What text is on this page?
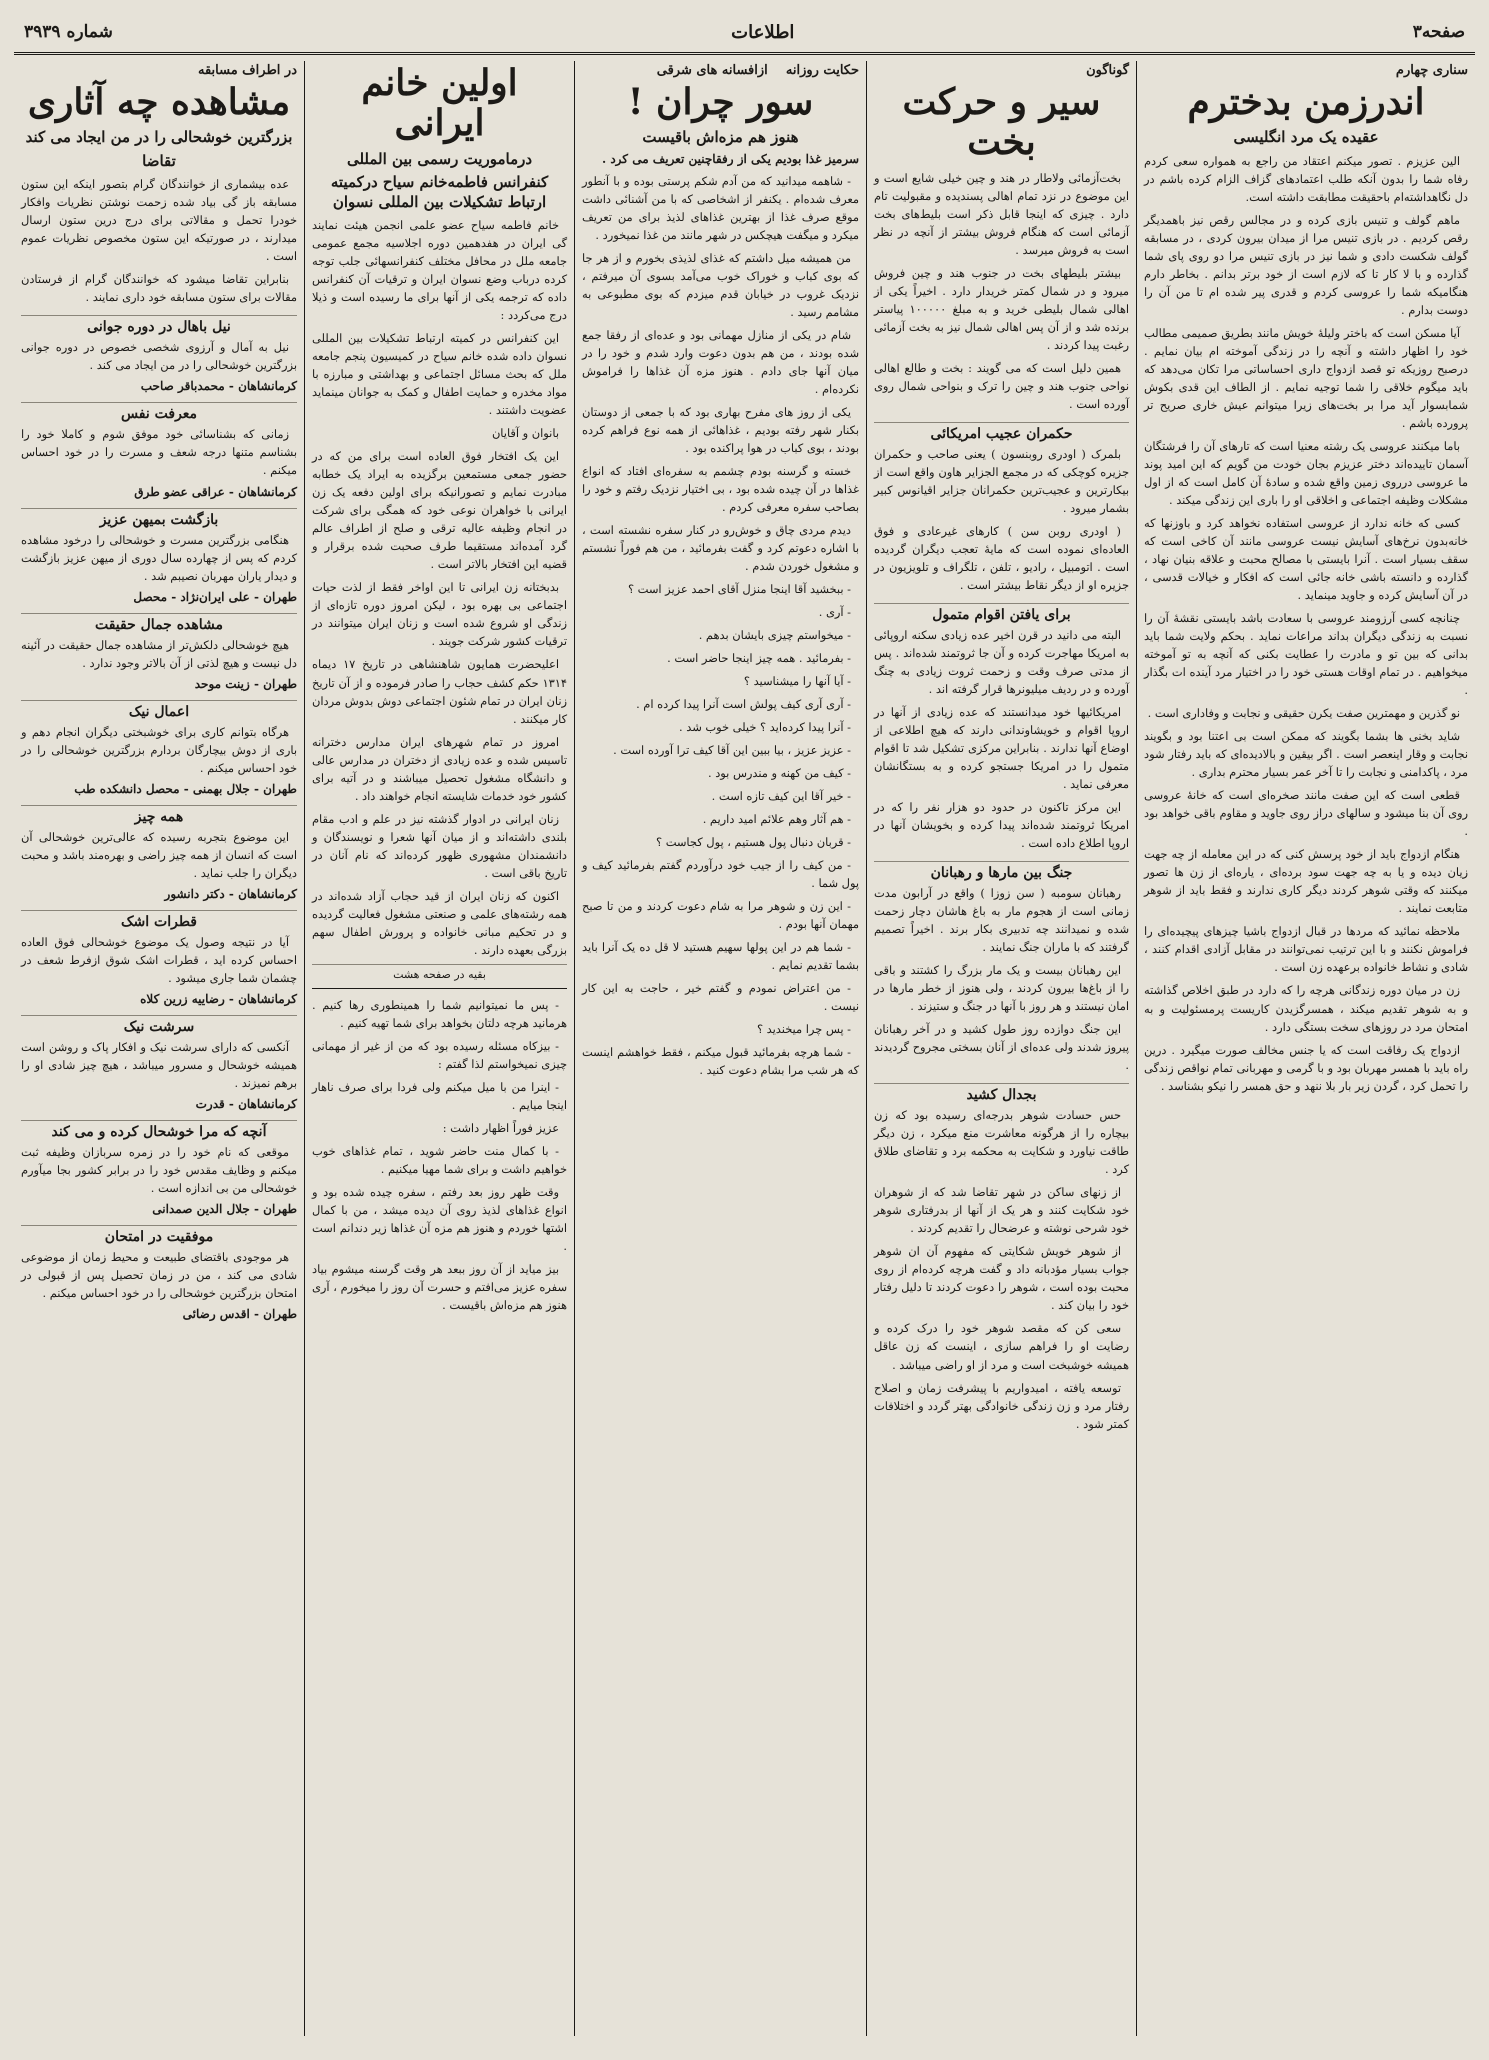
صفحه۳
اطلاعات
شماره ۳۹۳۹
سناری چهارم
اندرزمن بدخترم
عقیده یک مرد انگلیسی

الین عزیزم . تصور میکنم اعتقاد من راجع به همواره سعی کردم رفاه شما را بدون آنکه طلب اعتمادهای گزاف الزام کرده باشم در دل نگاهداشته‌ام باحقیقت مطابقت داشته است.

ماهم گولف و تنیس بازی کرده و در مجالس رقص نیز باهمدیگر رقص کردیم . در بازی تنیس مرا از میدان بیرون کردی ، در مسابقه گولف شکست دادی و شما نیز در بازی تنیس مرا دو روی پای شما گذارده و با لا کار تا که لازم است از خود برتر بدانم . بخاطر دارم هنگامیکه شما را عروسی کردم و قدری پیر شده ام تا من آن را دوست بدارم .

آیا مسکن است که باختر ولیلهٔ خویش مانند بطریق صمیمی مطالب خود را اظهار داشته و آنچه را در زندگی آموخته ام بیان نمایم . درصبح روزیکه تو قصد ازدواج داری احساساتی مرا تکان می‌دهد که باید میگوم خلاقی را شما توجیه نمایم . از الطاف این قدی بکوش شمابسوار آید مرا بر بخت‌های زیرا میتوانم عیش خاری صریح تر پرورده باشم .

باما میکنند عروسی یک رشته معنیا است که تارهای آن را فرشتگان آسمان تاییده‌اند دختر عزیزم بجان خودت من گویم که این امید پوند ما عروسی درروی زمین واقع شده و سادهٔ آن کامل است که از اول مشکلات وظیفه اجتماعی و اخلاقی او را باری این زندگی میکند .

کسی که خانه ندارد از عروسی استفاده نخواهد کرد و باوزنها که خانه‌بدون نرخ‌های آسایش نیست عروسی مانند آن کاخی است که سقف بسیار است . آنرا بایستی با مصالح محبت و علاقه بنیان نهاد ، گذارده و دانسته باشی خانه جائی است که افکار و خیالات قدسی ، در آن آسایش کرده و جاوید مینماید .

چنانچه کسی آرزومند عروسی با سعادت باشد بایستی نقشهٔ آن را نسبت به زندگی دیگران بداند مراعات نماید . بحکم ولایت شما باید بدانی که بین تو و مادرت را عطایت بکنی که آنچه به تو آموخته میخواهیم . در تمام اوقات هستی خود را در اختیار مرد آینده ات بگذار .

نو گذرین و مهمترین صفت یکرن حقیقی و نجابت و وفاداری است .

شاید بخنی ها بشما بگویند که ممکن است بی اعتنا بود و بگویند نجابت و وقار اینعصر است . اگر بیقین و بالادیده‌ای که باید رفتار شود مرد ، پاکدامنی و نجابت را تا آخر عمر بسیار محترم بداری .

قطعی است که این صفت مانند صخره‌ای است که خانهٔ عروسی روی آن بنا میشود و سالهای دراز روی جاوید و مقاوم باقی خواهد بود .

هنگام ازدواج باید از خود پرسش کنی که در این معامله از چه جهت زیان دیده و یا به چه جهت سود برده‌ای ، یاره‌ای از زن ها تصور میکنند که وقتی شوهر کردند دیگر کاری ندارند و فقط باید از شوهر متابعت نمایند .

ملاحظه نمائید که مردها در قبال ازدواج باشیا چیزهای پیچیده‌ای را فراموش نکنند و با این ترتیب نمی‌توانند در مقابل آزادی اقدام کنند ، شادی و نشاط خانواده برعهده زن است .

زن در میان دوره زندگانی هرچه را که دارد در طبق اخلاص گذاشته و به شوهر تقدیم میکند ، همسرگزیدن کاریست پرمسئولیت و به امتحان مرد در روزهای سخت بستگی دارد .

ازدواج یک رفاقت است که یا جنس مخالف صورت میگیرد . درین راه باید با همسر مهربان بود و با گرمی و مهربانی تمام نواقص زندگی را تحمل کرد ، گردن زیر بار بلا ننهد و حق همسر را نیکو بشناسد .

گوناگون
سیر و حرکت بخت

بخت‌آزمائی ولاطار در هند و چین خیلی شایع است و این موضوع در نزد تمام اهالی پسندیده و مقبولیت تام دارد . چیزی که اینجا قابل ذکر است بلیط‌های بخت آزمائی است که هنگام فروش بیشتر از آنچه در نظر است به فروش میرسد .

بیشتر بلیطهای بخت در جنوب هند و چین فروش میرود و در شمال کمتر خریدار دارد . اخیراً یکی از اهالی شمال بلیطی خرید و به مبلغ ۱۰۰۰۰۰ پیاستر برنده شد و از آن پس اهالی شمال نیز به بخت آزمائی رغبت پیدا کردند .

همین دلیل است که می گویند : بخت و طالع اهالی نواحی جنوب هند و چین را ترک و بنواحی شمال روی آورده است .

حکمران عجیب امریکائی

بلمرک ( اودری روبنسون ) یعنی صاحب و حکمران جزیره کوچکی که در مجمع الجزایر هاون واقع است از بیکارترین و عجیب‌ترین حکمرانان جزایر اقیانوس کبیر بشمار میرود .

( اودری روبن سن ) کارهای غیرعادی و فوق العاده‌ای نموده است که مایهٔ تعجب دیگران گردیده است . اتومبیل ، رادیو ، تلفن ، تلگراف و تلویزیون در جزیره او از دیگر نقاط بیشتر است .

برای یافتن اقوام متمول

البته می دانید در قرن اخیر عده زیادی سکنه اروپائی به امریکا مهاجرت کرده و آن جا ثروتمند شده‌اند . پس از مدتی صرف وقت و زحمت ثروت زیادی به چنگ آورده و در ردیف میلیونرها قرار گرفته اند .

امریکائیها خود میدانستند که عده زیادی از آنها در اروپا اقوام و خویشاوندانی دارند که هیچ اطلاعی از اوضاع آنها ندارند . بنابراین مرکزی تشکیل شد تا اقوام متمول را در امریکا جستجو کرده و به بستگانشان معرفی نماید .

این مرکز تاکنون در حدود دو هزار نفر را که در امریکا ثروتمند شده‌اند پیدا کرده و بخویشان آنها در اروپا اطلاع داده است .

جنگ بین مارها و رهبانان

رهبانان سومبه ( سن زوزا ) واقع در آرابون مدت زمانی است از هجوم مار به باغ هاشان دچار زحمت شده و نمیدانند چه تدبیری بکار برند . اخیراً تصمیم گرفتند که با ماران جنگ نمایند .

این رهبانان بیست و یک مار بزرگ را کشتند و باقی را از باغ‌ها بیرون کردند ، ولی هنوز از خطر مارها در امان نیستند و هر روز با آنها در جنگ و ستیزند .

این جنگ دوازده روز طول کشید و در آخر رهبانان پیروز شدند ولی عده‌ای از آنان بسختی مجروح گردیدند .

بجدال کشید

حس حسادت شوهر بدرجه‌ای رسیده بود که زن بیچاره را از هرگونه معاشرت منع میکرد ، زن دیگر طاقت نیاورد و شکایت به محکمه برد و تقاضای طلاق کرد .

از زنهای ساکن در شهر تقاضا شد که از شوهران خود شکایت کنند و هر یک از آنها از بدرفتاری شوهر خود شرحی نوشته و عرضحال را تقدیم کردند .

از شوهر خویش شکایتی که مفهوم آن ان شوهر جواب بسیار مؤدبانه داد و گفت هرچه کرده‌ام از روی محبت بوده است ، شوهر را دعوت کردند تا دلیل رفتار خود را بیان کند .

سعی کن که مقصد شوهر خود را درک کرده و رضایت او را فراهم سازی ، اینست که زن عاقل همیشه خوشبخت است و مرد از او راضی میباشد .

توسعه یافته ، امیدواریم با پیشرفت زمان و اصلاح رفتار مرد و زن زندگی خانوادگی بهتر گردد و اختلافات کمتر شود .

حکایت روزانه    ازافسانه های شرقی
سور چران !
هنوز هم مزه‌اش باقیست
سرمیز غذا بودیم یکی از رفقاچنین تعریف می کرد .

- شاهمه میدانید که من آدم شکم پرستی بوده و با آنطور معرف شده‌ام . یکنفر از اشخاصی که با من آشنائی داشت موقع صرف غذا از بهترین غذاهای لذیذ برای من تعریف میکرد و میگفت هیچکس در شهر مانند من غذا نمیخورد .

من همیشه میل داشتم که غذای لذیذی بخورم و از هر جا که بوی کباب و خوراک خوب می‌آمد بسوی آن میرفتم ، نزدیک غروب در خیابان قدم میزدم که بوی مطبوعی به مشامم رسید .

شام در یکی از منازل مهمانی بود و عده‌ای از رفقا جمع شده بودند ، من هم بدون دعوت وارد شدم و خود را در میان آنها جای دادم . هنوز مزه آن غذاها را فراموش نکرده‌ام .

یکی از روز های مفرح بهاری بود که با جمعی از دوستان بکنار شهر رفته بودیم ، غذاهائی از همه نوع فراهم کرده بودند ، بوی کباب در هوا پراکنده بود .

خسته و گرسنه بودم چشمم به سفره‌ای افتاد که انواع غذاها در آن چیده شده بود ، بی اختیار نزدیک رفتم و خود را بصاحب سفره معرفی کردم .

دیدم مردی چاق و خوش‌رو در کنار سفره نشسته است ، با اشاره دعوتم کرد و گفت بفرمائید ، من هم فوراً نشستم و مشغول خوردن شدم .

- ببخشید آقا اینجا منزل آقای احمد عزیز است ؟

- آری .

- میخواستم چیزی بایشان بدهم .

- بفرمائید . همه چیز اینجا حاضر است .

- آیا آنها را میشناسید ؟

- آری آری کیف پولش است آنرا پیدا کرده ام .

- آنرا پیدا کرده‌اید ؟ خیلی خوب شد .

- عزیز عزیز ، بیا ببین این آقا کیف ترا آورده است .

- کیف من کهنه و مندرس بود .

- خیر آقا این کیف تازه است .

- هم آثار وهم علائم امید داریم .

- قربان دنبال پول هستیم ، پول کجاست ؟

- من کیف را از جیب خود درآوردم گفتم بفرمائید کیف و پول شما .

- این زن و شوهر مرا به شام دعوت کردند و من تا صبح مهمان آنها بودم .

- شما هم در این پولها سهیم هستید لا قل ده یک آنرا باید بشما تقدیم نمایم .

- من اعتراض نمودم و گفتم خیر ، حاجت به این کار نیست .

- پس چرا میخندید ؟

- شما هرچه بفرمائید قبول میکنم ، فقط خواهشم اینست که هر شب مرا بشام دعوت کنید .

اولین خانم ایرانی
درماموریت رسمی بین المللی
کنفرانس فاطمه‌خانم سیاح درکمیته ارتباط تشکیلات بین المللی نسوان

خانم فاطمه سیاح عضو علمی انجمن هیئت نمایند گی ایران در هفدهمین دوره اجلاسیه مجمع عمومی جامعه ملل در محافل مختلف کنفرانسهائی جلب توجه کرده درباب وضع نسوان ایران و ترقیات آن کنفرانس داده که ترجمه یکی از آنها برای ما رسیده است و ذیلا درج می‌کردد :

این کنفرانس در کمیته ارتباط تشکیلات بین المللی نسوان داده شده خانم سیاح در کمیسیون پنجم جامعه ملل که بحث مسائل اجتماعی و بهداشتی و مبارزه با مواد مخدره و حمایت اطفال و کمک به جوانان مینماید عضویت داشتند .

بانوان و آقایان

این یک افتخار فوق العاده است برای من که در حضور جمعی مستمعین برگزیده به ایراد یک خطابه مبادرت نمایم و تصورانیکه برای اولین دفعه یک زن ایرانی با خواهران نوعی خود که همگی برای شرکت در انجام وظیفه عالیه ترقی و صلح از اطراف عالم گرد آمده‌اند مستقیما طرف صحبت شده برقرار و قضیه این افتخار بالاتر است .

بدبختانه زن ایرانی تا این اواخر فقط از لذت حیات اجتماعی بی بهره بود ، لیکن امروز دوره تازه‌ای از زندگی او شروع شده است و زنان ایران میتوانند در ترقیات کشور شرکت جویند .

اعلیحضرت همایون شاهنشاهی در تاریخ ۱۷ دیماه ۱۳۱۴ حکم کشف حجاب را صادر فرموده و از آن تاریخ زنان ایران در تمام شئون اجتماعی دوش بدوش مردان کار میکنند .

امروز در تمام شهرهای ایران مدارس دخترانه تاسیس شده و عده زیادی از دختران در مدارس عالی و دانشگاه مشغول تحصیل میباشند و در آتیه برای کشور خود خدمات شایسته انجام خواهند داد .

زنان ایرانی در ادوار گذشته نیز در علم و ادب مقام بلندی داشته‌اند و از میان آنها شعرا و نویسندگان و دانشمندان مشهوری ظهور کرده‌اند که نام آنان در تاریخ باقی است .

اکنون که زنان ایران از قید حجاب آزاد شده‌اند در همه رشته‌های علمی و صنعتی مشغول فعالیت گردیده و در تحکیم مبانی خانواده و پرورش اطفال سهم بزرگی بعهده دارند .

بقیه در صفحه هشت

- پس ما نمیتوانیم شما را همینطوری رها کنیم . هرمانید هرچه دلتان بخواهد برای شما تهیه کنیم .

- بیزکاه مسئله رسیده بود که من از غیر از مهمانی چیزی نمیخواستم لذا گفتم :

- اینرا من با میل میکنم ولی فردا برای صرف ناهار اینجا میایم .

عزیز فوراً اظهار داشت :

- با کمال منت حاضر شوید ، تمام غذاهای خوب خواهیم داشت و برای شما مهیا میکنیم .

وقت ظهر روز بعد رفتم ، سفره چیده شده بود و انواع غذاهای لذیذ روی آن دیده میشد ، من با کمال اشتها خوردم و هنوز هم مزه آن غذاها زیر دندانم است .

بیز میاید از آن روز ببعد هر وقت گرسنه میشوم بیاد سفره عزیز می‌افتم و حسرت آن روز را میخورم ، آری هنوز هم مزه‌اش باقیست .

در اطراف مسابقه
مشاهده چه آثاری
بزرگترین خوشحالی را در من ایجاد می کند
تقاضا

عده بیشماری از خوانندگان گرام بتصور اینکه این ستون مسابقه باز گی بیاد شده زحمت نوشتن نظریات وافکار خودرا تحمل و مقالاتی برای درج درین ستون ارسال میدارند ، در صورتیکه این ستون مخصوص نظریات عموم است .

بنابراین تقاضا میشود که خوانندگان گرام از فرستادن مقالات برای ستون مسابقه خود داری نمایند .

نیل باهال در دوره جوانی

نیل به آمال و آرزوی شخصی خصوص در دوره جوانی بزرگترین خوشحالی را در من ایجاد می کند .

کرمانشاهان - محمدباقر صاحب
معرفت نفس

زمانی که بشناسائی خود موفق شوم و کاملا خود را بشناسم متنها درجه شعف و مسرت را در خود احساس میکنم .

کرمانشاهان - عراقی عضو طرق
بازگشت بمیهن عزیز

هنگامی بزرگترین مسرت و خوشحالی را درخود مشاهده کردم که پس از چهارده سال دوری از میهن عزیز بازگشت و دیدار یاران مهربان نصیبم شد .

طهران - علی ایران‌نژاد - محصل
مشاهده جمال حقیقت

هیچ خوشحالی دلکش‌تر از مشاهده جمال حقیقت در آئینه دل نیست و هیچ لذتی از آن بالاتر وجود ندارد .

طهران - زینت موحد
اعمال نیک

هرگاه بتوانم کاری برای خوشبختی دیگران انجام دهم و باری از دوش بیچارگان بردارم بزرگترین خوشحالی را در خود احساس میکنم .

طهران - جلال بهمنی - محصل دانشکده طب
همه چیز

این موضوع بتجربه رسیده که عالی‌ترین خوشحالی آن است که انسان از همه چیز راضی و بهره‌مند باشد و محبت دیگران را جلب نماید .

کرمانشاهان - دکتر دانشور
قطرات اشک

آیا در نتیجه وصول یک موضوع خوشحالی فوق العاده احساس کرده اید ، قطرات اشک شوق ازفرط شعف در چشمان شما جاری میشود .

کرمانشاهان - رضاییه زرین کلاه
سرشت نیک

آنکسی که دارای سرشت نیک و افکار پاک و روشن است همیشه خوشحال و مسرور میباشد ، هیچ چیز شادی او را برهم نمیزند .

کرمانشاهان - قدرت
آنچه که مرا خوشحال کرده و می کند

موقعی که نام خود را در زمره سربازان وظیفه ثبت میکنم و وظایف مقدس خود را در برابر کشور بجا میآورم خوشحالی من بی اندازه است .

طهران - جلال الدین صمدانی
موفقیت در امتحان

هر موجودی باقتضای طبیعت و محیط زمان از موضوعی شادی می کند ، من در زمان تحصیل پس از قبولی در امتحان بزرگترین خوشحالی را در خود احساس میکنم .

طهران - اقدس رضائی
